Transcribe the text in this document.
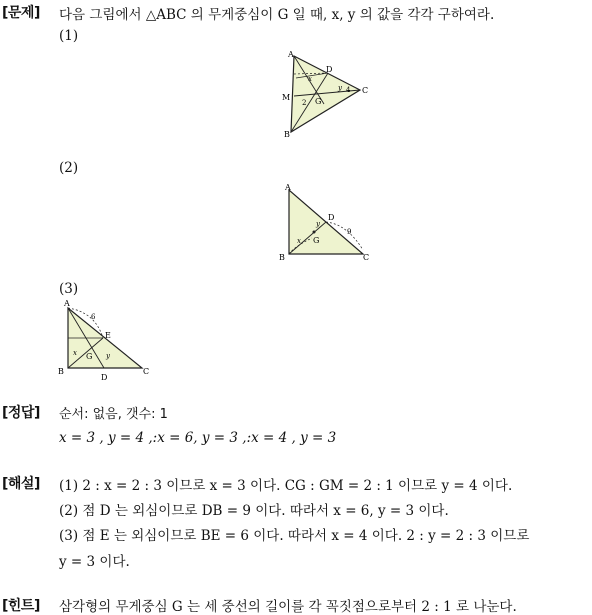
[문제] 다음 그림에서 △ABC 의 무게중심이 G 일 때, x, y 의 값을 각각 구하여라.
(1)
A
D
C
M	G
B
x
2
y 4
(2)
A
D
G
B	C
x
y
9
(3)
A
6
E
G
x	y
B
D
C
[정답] 순서: 없음, 갯수: 1
x = 3 , y = 4 ,:x = 6, y = 3 ,:x = 4 , y = 3
[해설] (1) 2 : x = 2 : 3 이므로 x = 3 이다. CG : GM = 2 : 1 이므로 y = 4 이다.
(2) 점 D 는 외심이므로 DB = 9 이다. 따라서 x = 6, y = 3 이다.
(3) 점 E 는 외심이므로 BE = 6 이다. 따라서 x = 4 이다. 2 : y = 2 : 3 이므로
y = 3 이다.
[힌트] 삼각형의 무게중심 G 는 세 중선의 길이를 각 꼭짓점으로부터 2 : 1 로 나눈다.
